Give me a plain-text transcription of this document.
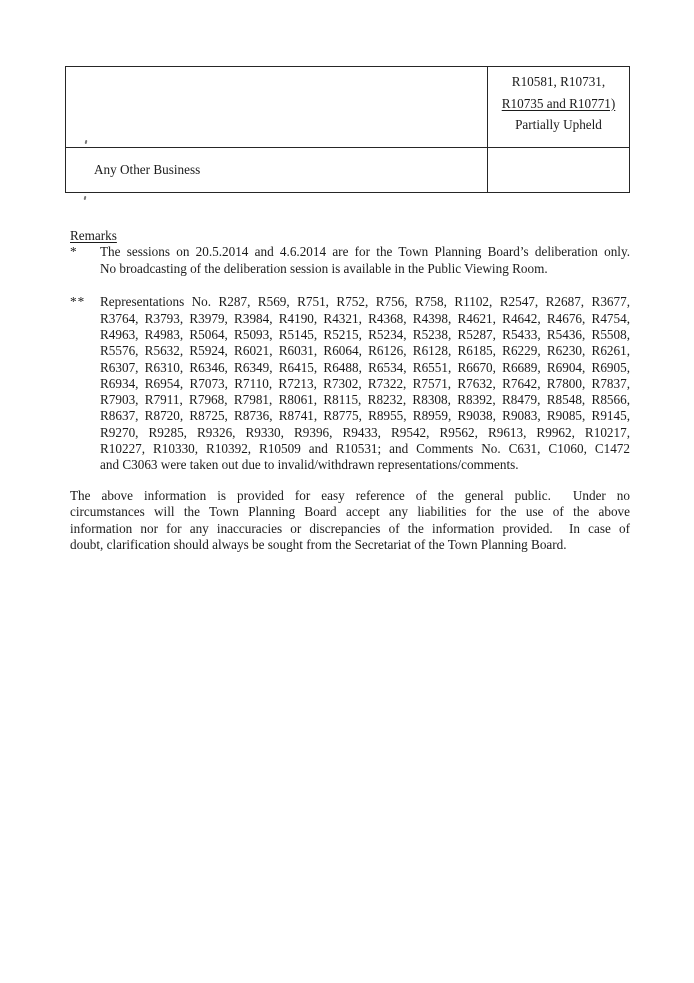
	R10581, R10731,
R10735 and R10771)
Partially Upheld

Any Other Business	
Remarks
*	The sessions on 20.5.2014 and 4.6.2014 are for the Town Planning Board’s deliberation only.
No broadcasting of the deliberation session is available in the Public Viewing Room.
**	Representations No. R287, R569, R751, R752, R756, R758, R1102, R2547, R2687, R3677,
R3764, R3793, R3979, R3984, R4190, R4321, R4368, R4398, R4621, R4642, R4676, R4754,
R4963, R4983, R5064, R5093, R5145, R5215, R5234, R5238, R5287, R5433, R5436, R5508,
R5576, R5632, R5924, R6021, R6031, R6064, R6126, R6128, R6185, R6229, R6230, R6261,
R6307, R6310, R6346, R6349, R6415, R6488, R6534, R6551, R6670, R6689, R6904, R6905,
R6934, R6954, R7073, R7110, R7213, R7302, R7322, R7571, R7632, R7642, R7800, R7837,
R7903, R7911, R7968, R7981, R8061, R8115, R8232, R8308, R8392, R8479, R8548, R8566,
R8637, R8720, R8725, R8736, R8741, R8775, R8955, R8959, R9038, R9083, R9085, R9145,
R9270, R9285, R9326, R9330, R9396, R9433, R9542, R9562, R9613, R9962, R10217,
R10227, R10330, R10392, R10509 and R10531; and Comments No. C631, C1060, C1472
and C3063 were taken out due to invalid/withdrawn representations/comments.
The above information is provided for easy reference of the general public.  Under no
circumstances will the Town Planning Board accept any liabilities for the use of the above
information nor for any inaccuracies or discrepancies of the information provided.  In case of
doubt, clarification should always be sought from the Secretariat of the Town Planning Board.
